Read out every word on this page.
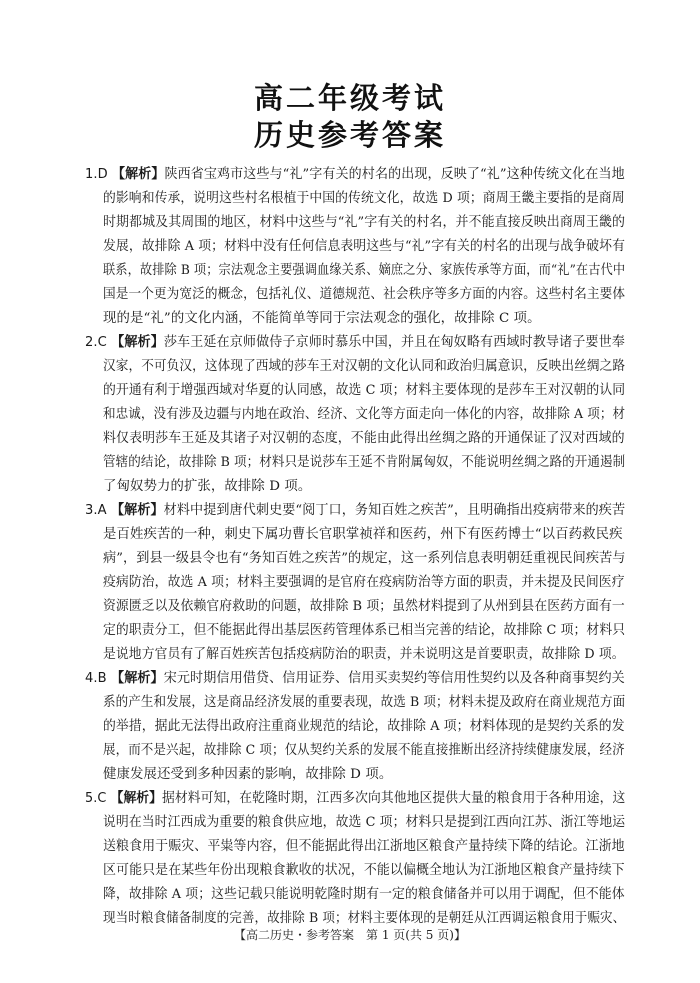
高二年级考试
历史参考答案
1.D 【解析】陕西省宝鸡市这些与“礼”字有关的村名的出现，反映了“礼”这种传统文化在当地
的影响和传承，说明这些村名根植于中国的传统文化，故选 D 项；商周王畿主要指的是商周
时期都城及其周围的地区，材料中这些与“礼”字有关的村名，并不能直接反映出商周王畿的
发展，故排除 A 项；材料中没有任何信息表明这些与“礼”字有关的村名的出现与战争破坏有
联系，故排除 B 项；宗法观念主要强调血缘关系、嫡庶之分、家族传承等方面，而“礼”在古代中
国是一个更为宽泛的概念，包括礼仪、道德规范、社会秩序等多方面的内容。这些村名主要体
现的是“礼”的文化内涵，不能简单等同于宗法观念的强化，故排除 C 项。
2.C 【解析】莎车王延在京师做侍子京师时慕乐中国，并且在匈奴略有西域时教导诸子要世奉
汉家，不可负汉，这体现了西域的莎车王对汉朝的文化认同和政治归属意识，反映出丝绸之路
的开通有利于增强西域对华夏的认同感，故选 C 项；材料主要体现的是莎车王对汉朝的认同
和忠诚，没有涉及边疆与内地在政治、经济、文化等方面走向一体化的内容，故排除 A 项；材
料仅表明莎车王延及其诸子对汉朝的态度，不能由此得出丝绸之路的开通保证了汉对西域的
管辖的结论，故排除 B 项；材料只是说莎车王延不肯附属匈奴，不能说明丝绸之路的开通遏制
了匈奴势力的扩张，故排除 D 项。
3.A 【解析】材料中提到唐代刺史要“阅丁口，务知百姓之疾苦”，且明确指出疫病带来的疾苦
是百姓疾苦的一种，刺史下属功曹长官职掌祯祥和医药，州下有医药博士“以百药救民疾
病”，到县一级县令也有“务知百姓之疾苦”的规定，这一系列信息表明朝廷重视民间疾苦与
疫病防治，故选 A 项；材料主要强调的是官府在疫病防治等方面的职责，并未提及民间医疗
资源匮乏以及依赖官府救助的问题，故排除 B 项；虽然材料提到了从州到县在医药方面有一
定的职责分工，但不能据此得出基层医药管理体系已相当完善的结论，故排除 C 项；材料只
是说地方官员有了解百姓疾苦包括疫病防治的职责，并未说明这是首要职责，故排除 D 项。
4.B 【解析】宋元时期信用借贷、信用证券、信用买卖契约等信用性契约以及各种商事契约关
系的产生和发展，这是商品经济发展的重要表现，故选 B 项；材料未提及政府在商业规范方面
的举措，据此无法得出政府注重商业规范的结论，故排除 A 项；材料体现的是契约关系的发
展，而不是兴起，故排除 C 项；仅从契约关系的发展不能直接推断出经济持续健康发展，经济
健康发展还受到多种因素的影响，故排除 D 项。
5.C 【解析】据材料可知，在乾隆时期，江西多次向其他地区提供大量的粮食用于各种用途，这
说明在当时江西成为重要的粮食供应地，故选 C 项；材料只是提到江西向江苏、浙江等地运
送粮食用于赈灾、平粜等内容，但不能据此得出江浙地区粮食产量持续下降的结论。江浙地
区可能只是在某些年份出现粮食歉收的状况，不能以偏概全地认为江浙地区粮食产量持续下
降，故排除 A 项；这些记载只能说明乾隆时期有一定的粮食储备并可以用于调配，但不能体
现当时粮食储备制度的完善，故排除 B 项；材料主要体现的是朝廷从江西调运粮食用于赈灾、
【高二历史・参考答案　第 1 页(共 5 页)】
